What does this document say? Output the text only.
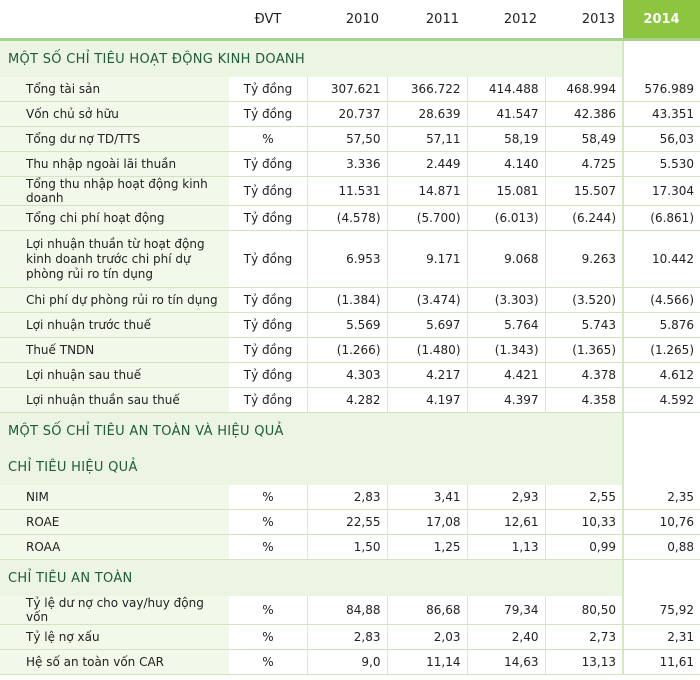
	ĐVT	2010	2011	2012	2013	2014
MỘT SỐ CHỈ TIÊU HOẠT ĐỘNG KINH DOANH						
Tổng tài sản	Tỷ đồng	307.621	366.722	414.488	468.994	576.989
Vốn chủ sở hữu	Tỷ đồng	20.737	28.639	41.547	42.386	43.351
Tổng dư nợ TD/TTS	%	57,50	57,11	58,19	58,49	56,03
Thu nhập ngoài lãi thuần	Tỷ đồng	3.336	2.449	4.140	4.725	5.530
Tổng thu nhập hoạt động kinh doanh	Tỷ đồng	11.531	14.871	15.081	15.507	17.304
Tổng chi phí hoạt động	Tỷ đồng	(4.578)	(5.700)	(6.013)	(6.244)	(6.861)
Lợi nhuận thuần từ hoạt động kinh doanh trước chi phí dự phòng rủi ro tín dụng	Tỷ đồng	6.953	9.171	9.068	9.263	10.442
Chi phí dự phòng rủi ro tín dụng	Tỷ đồng	(1.384)	(3.474)	(3.303)	(3.520)	(4.566)
Lợi nhuận trước thuế	Tỷ đồng	5.569	5.697	5.764	5.743	5.876
Thuế TNDN	Tỷ đồng	(1.266)	(1.480)	(1.343)	(1.365)	(1.265)
Lợi nhuận sau thuế	Tỷ đồng	4.303	4.217	4.421	4.378	4.612
Lợi nhuận thuần sau thuế	Tỷ đồng	4.282	4.197	4.397	4.358	4.592
MỘT SỐ CHỈ TIÊU AN TOÀN VÀ HIỆU QUẢ						
CHỈ TIÊU HIỆU QUẢ						
NIM	%	2,83	3,41	2,93	2,55	2,35
ROAE	%	22,55	17,08	12,61	10,33	10,76
ROAA	%	1,50	1,25	1,13	0,99	0,88
CHỈ TIÊU AN TOÀN						
Tỷ lệ dư nợ cho vay/huy động vốn	%	84,88	86,68	79,34	80,50	75,92
Tỷ lệ nợ xấu	%	2,83	2,03	2,40	2,73	2,31
Hệ số an toàn vốn CAR	%	9,0	11,14	14,63	13,13	11,61
